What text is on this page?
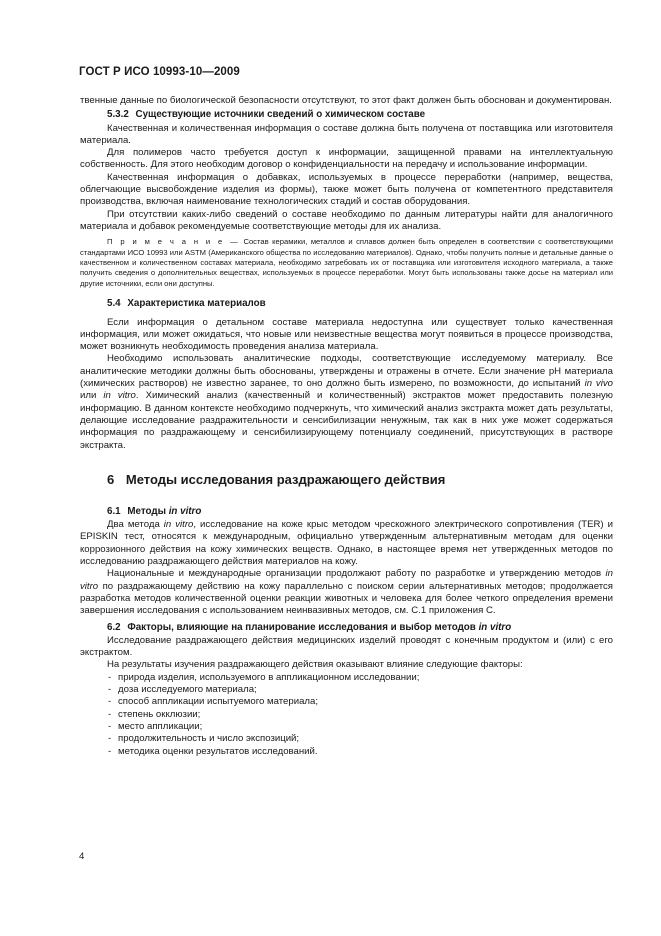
ГОСТ Р ИСО 10993-10—2009

твенные данные по биологической безопасности отсутствуют, то этот факт должен быть обоснован и документирован.

5.3.2 Существующие источники сведений о химическом составе

Качественная и количественная информация о составе должна быть получена от поставщика или изготовителя материала.

Для полимеров часто требуется доступ к информации, защищенной правами на интеллектуальную собственность. Для этого необходим договор о конфиденциальности на передачу и использование информации.

Качественная информация о добавках, используемых в процессе переработки (например, вещества, облегчающие высвобождение изделия из формы), также может быть получена от компетентного представителя производства, включая наименование технологических стадий и состав оборудования.

При отсутствии каких-либо сведений о составе необходимо по данным литературы найти для аналогичного материала и добавок рекомендуемые соответствующие методы для их анализа.

П р и м е ч а н и е — Состав керамики, металлов и сплавов должен быть определен в соответствии с соответствующими стандартами ИСО 10993 или ASTM (Американского общества по исследованию материалов). Однако, чтобы получить полные и детальные данные о качественном и количественном составах материала, необходимо затребовать их от поставщика или изготовителя исходного материала, а также получить сведения о дополнительных веществах, используемых в процессе переработки. Могут быть использованы также досье на материал или другие источники, если они доступны.

5.4 Характеристика материалов

Если информация о детальном составе материала недоступна или существует только качественная информация, или может ожидаться, что новые или неизвестные вещества могут появиться в процессе производства, может возникнуть необходимость проведения анализа материала.

Необходимо использовать аналитические подходы, соответствующие исследуемому материалу. Все аналитические методики должны быть обоснованы, утверждены и отражены в отчете. Если значение pH материала (химических растворов) не известно заранее, то оно должно быть измерено, по возможности, до испытаний in vivo или in vitro. Химический анализ (качественный и количественный) экстрактов может предоставить полезную информацию. В данном контексте необходимо подчеркнуть, что химический анализ экстракта может дать результаты, делающие исследование раздражительности и сенсибилизации ненужным, так как в них уже может содержаться информация по раздражающему и сенсибилизирующему потенциалу соединений, присутствующих в растворе экстракта.

6 Методы исследования раздражающего действия
6.1 Методы in vitro

Два метода in vitro, исследование на коже крыс методом чрескожного электрического сопротивления (TER) и EPISKIN тест, относятся к международным, официально утвержденным альтернативным методам для оценки коррозионного действия на кожу химических веществ. Однако, в настоящее время нет утвержденных методов по исследованию раздражающего действия материалов на кожу.

Национальные и международные организации продолжают работу по разработке и утверждению методов in vitro по раздражающему действию на кожу параллельно с поиском серии альтернативных методов; продолжается разработка методов количественной оценки реакции животных и человека для более четкого определения времени завершения исследования с использованием неинвазивных методов, см. С.1 приложения С.

6.2 Факторы, влияющие на планирование исследования и выбор методов in vitro

Исследование раздражающего действия медицинских изделий проводят с конечным продуктом и (или) с его экстрактом.

На результаты изучения раздражающего действия оказывают влияние следующие факторы:

- природа изделия, используемого в аппликационном исследовании;
- доза исследуемого материала;
- способ аппликации испытуемого материала;
- степень окклюзии;
- место аппликации;
- продолжительность и число экспозиций;
- методика оценки результатов исследований.
4
